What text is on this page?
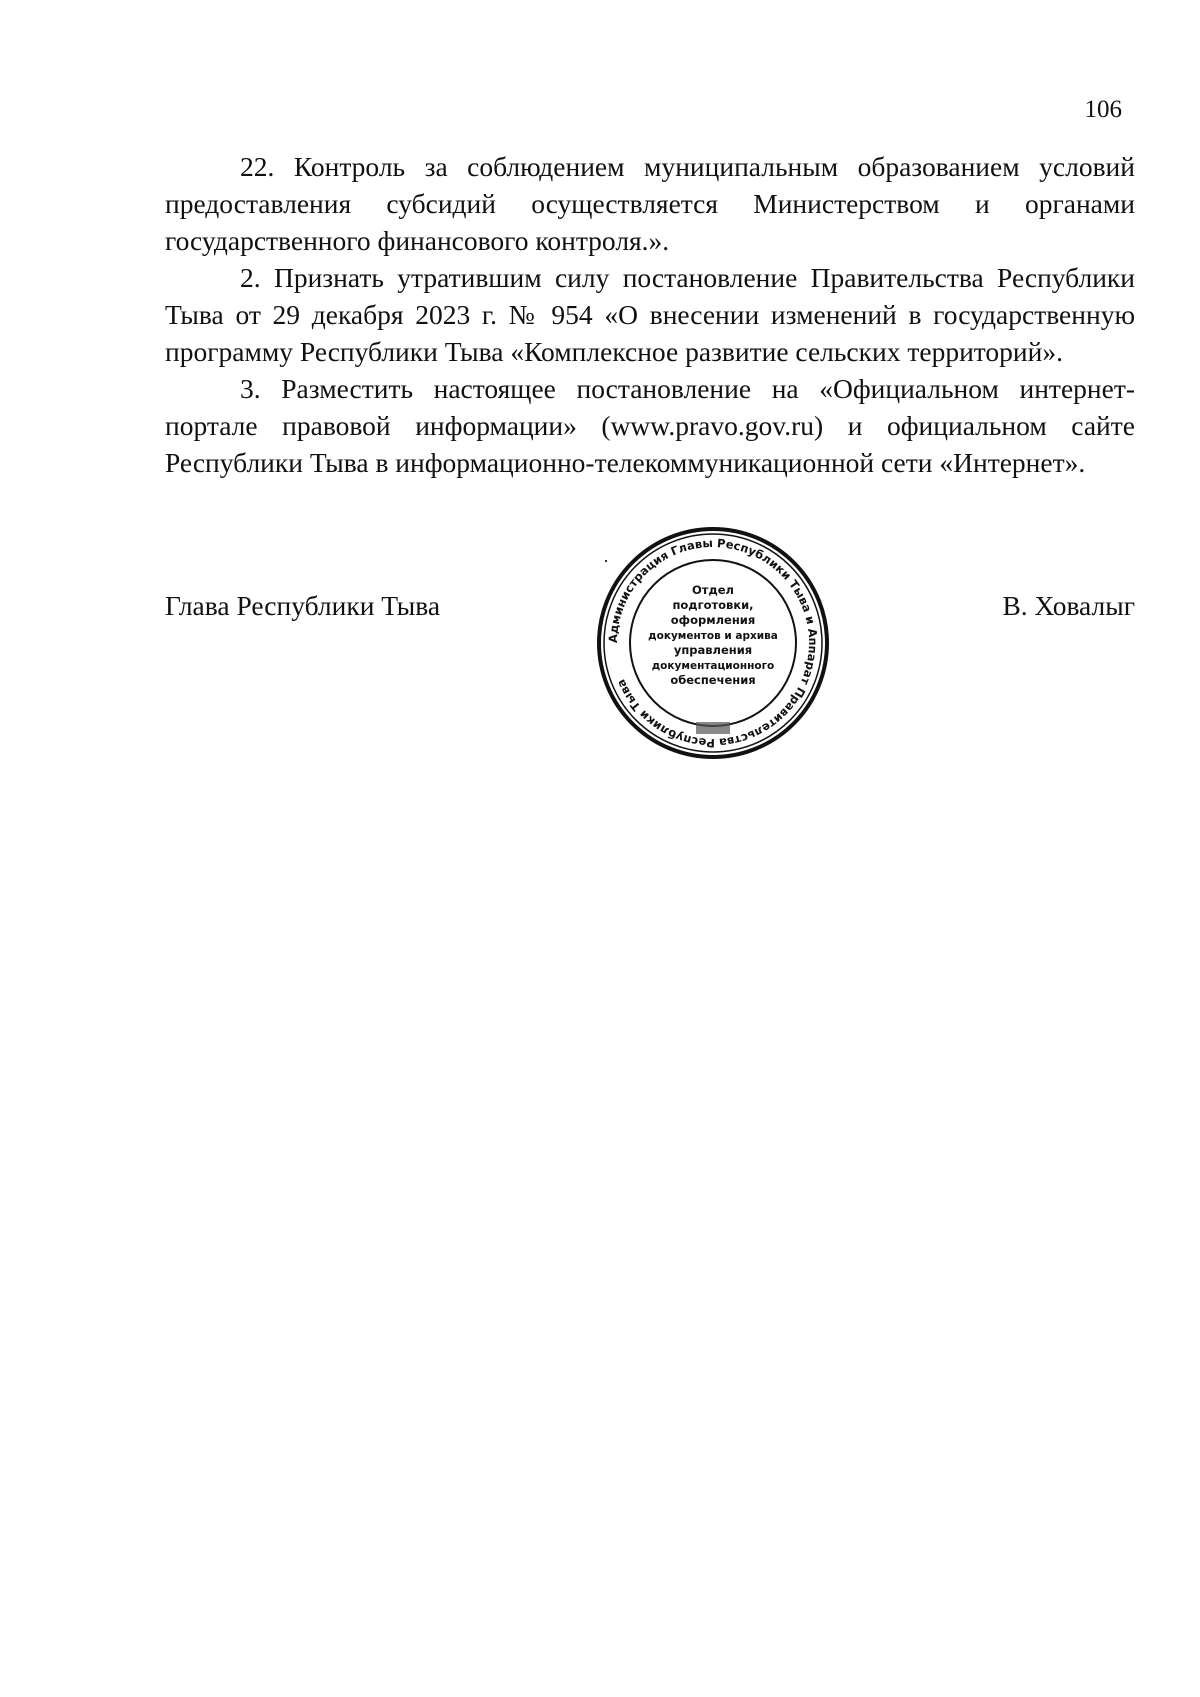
106

22. Контроль за соблюдением муниципальным образованием условий предоставления субсидий осуществляется Министерством и органами государственного финансового контроля.».

2. Признать утратившим силу постановление Правительства Республики Тыва от 29 декабря 2023 г. № 954 «О внесении изменений в государственную программу Республики Тыва «Комплексное развитие сельских территорий».

3. Разместить настоящее постановление на «Официальном интернет-портале правовой информации» (www.pravo.gov.ru) и официальном сайте Республики Тыва в информационно-телекоммуникационной сети «Интернет».

Глава Республики Тыва	В. Ховалыг
Администрация Главы Республики Тыва и Аппарат Правительства Республики Тыва
Отдел
подготовки,
оформления
документов и архива
управления
документационного
обеспечения
